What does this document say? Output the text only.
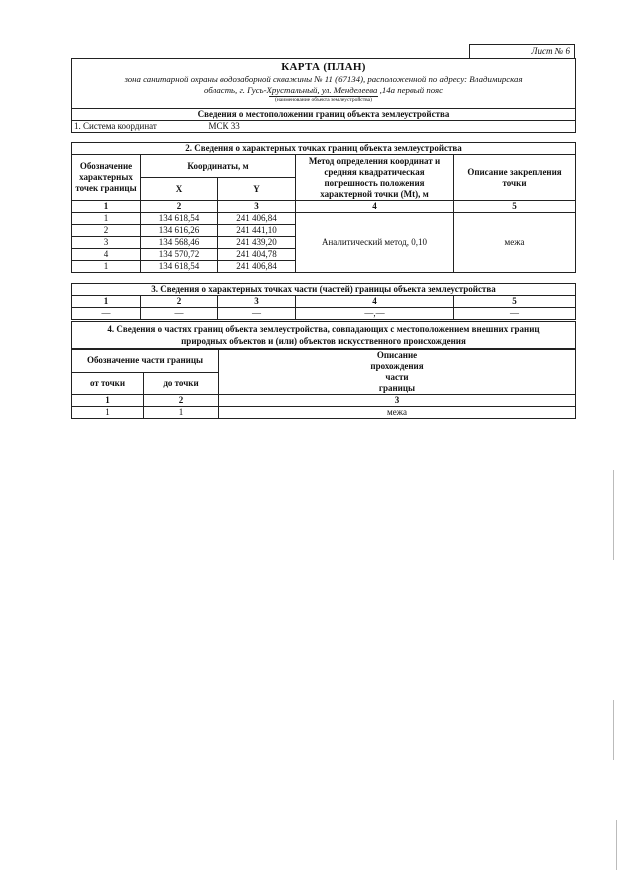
Лист № 6
КАРТА (ПЛАН)
зона санитарной охраны водозаборной скважины № 11 (67134), расположенной по адресу: Владимирская
область, г. Гусь-Хрустальный, ул. Менделеева ,14а первый пояс
(наименование объекта землеустройства)
Сведения о местоположении границ объекта землеустройства
1. Система координат	МСК 33
2. Сведения о характерных точках границ объекта землеустройства				
Обозначение характерных точек границы	Координаты, м		Метод определения координат и средняя квадратическая погрешность положения характерной точки (Mt), м	Описание закрепления точки
	X	Y		
1	2	3	4	5
1	134 618,54	241 406,84	Аналитический метод, 0,10	межа
2	134 616,26	241 441,10		
3	134 568,46	241 439,20		
4	134 570,72	241 404,78		
1	134 618,54	241 406,84		
3. Сведения о характерных точках части (частей) границы объекта землеустройства				
1	2	3	4	5
—	—	—	—,—	—
4. Сведения о частях границ объекта землеустройства, совпадающих с местоположением внешних границ
природных объектов и (или) объектов искусственного происхождения
Обозначение части границы		Описание прохождения части границы
от точки	до точки	
1	2	3
1	1	межа
